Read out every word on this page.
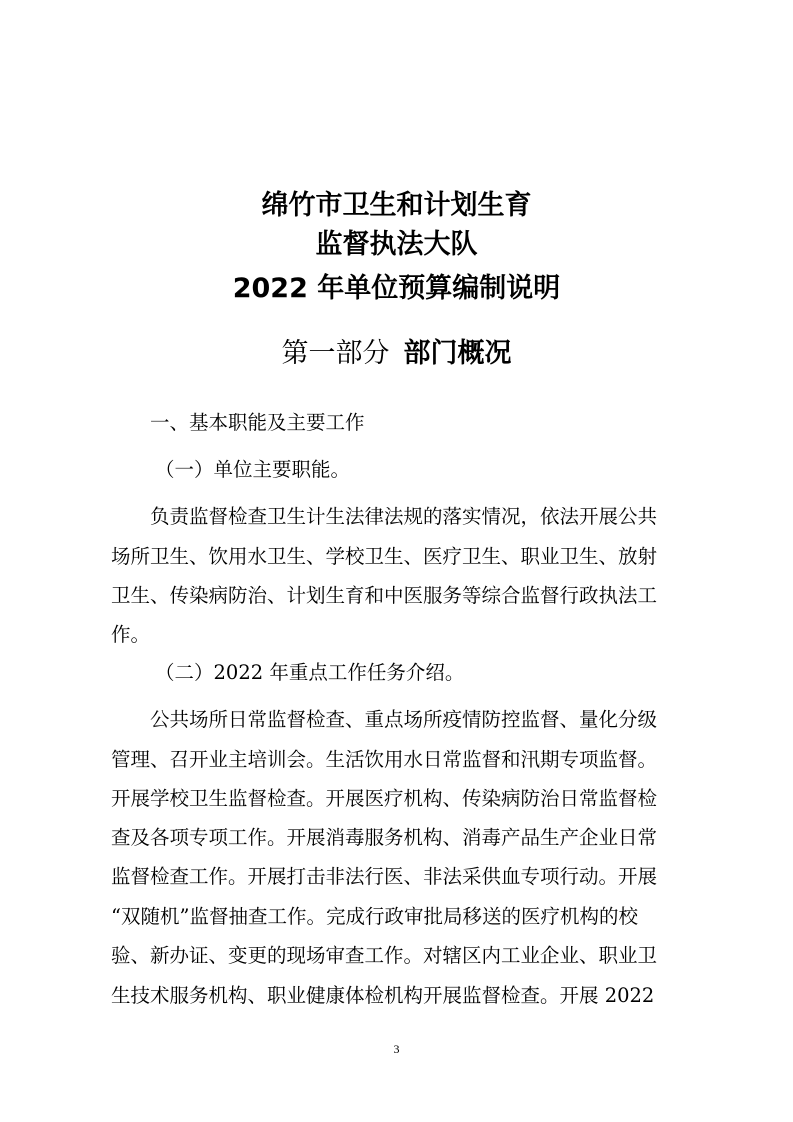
绵竹市卫生和计划生育
监督执法大队
2022 年单位预算编制说明
第一部分 部门概况
一、基本职能及主要工作
（一）单位主要职能。
负责监督检查卫生计生法律法规的落实情况，依法开展公共
场所卫生、饮用水卫生、学校卫生、医疗卫生、职业卫生、放射
卫生、传染病防治、计划生育和中医服务等综合监督行政执法工
作。
（二）2022 年重点工作任务介绍。
公共场所日常监督检查、重点场所疫情防控监督、量化分级
管理、召开业主培训会。生活饮用水日常监督和汛期专项监督。
开展学校卫生监督检查。开展医疗机构、传染病防治日常监督检
查及各项专项工作。开展消毒服务机构、消毒产品生产企业日常
监督检查工作。开展打击非法行医、非法采供血专项行动。开展
“双随机”监督抽查工作。完成行政审批局移送的医疗机构的校
验、新办证、变更的现场审查工作。对辖区内工业企业、职业卫
生技术服务机构、职业健康体检机构开展监督检查。开展 2022
3
